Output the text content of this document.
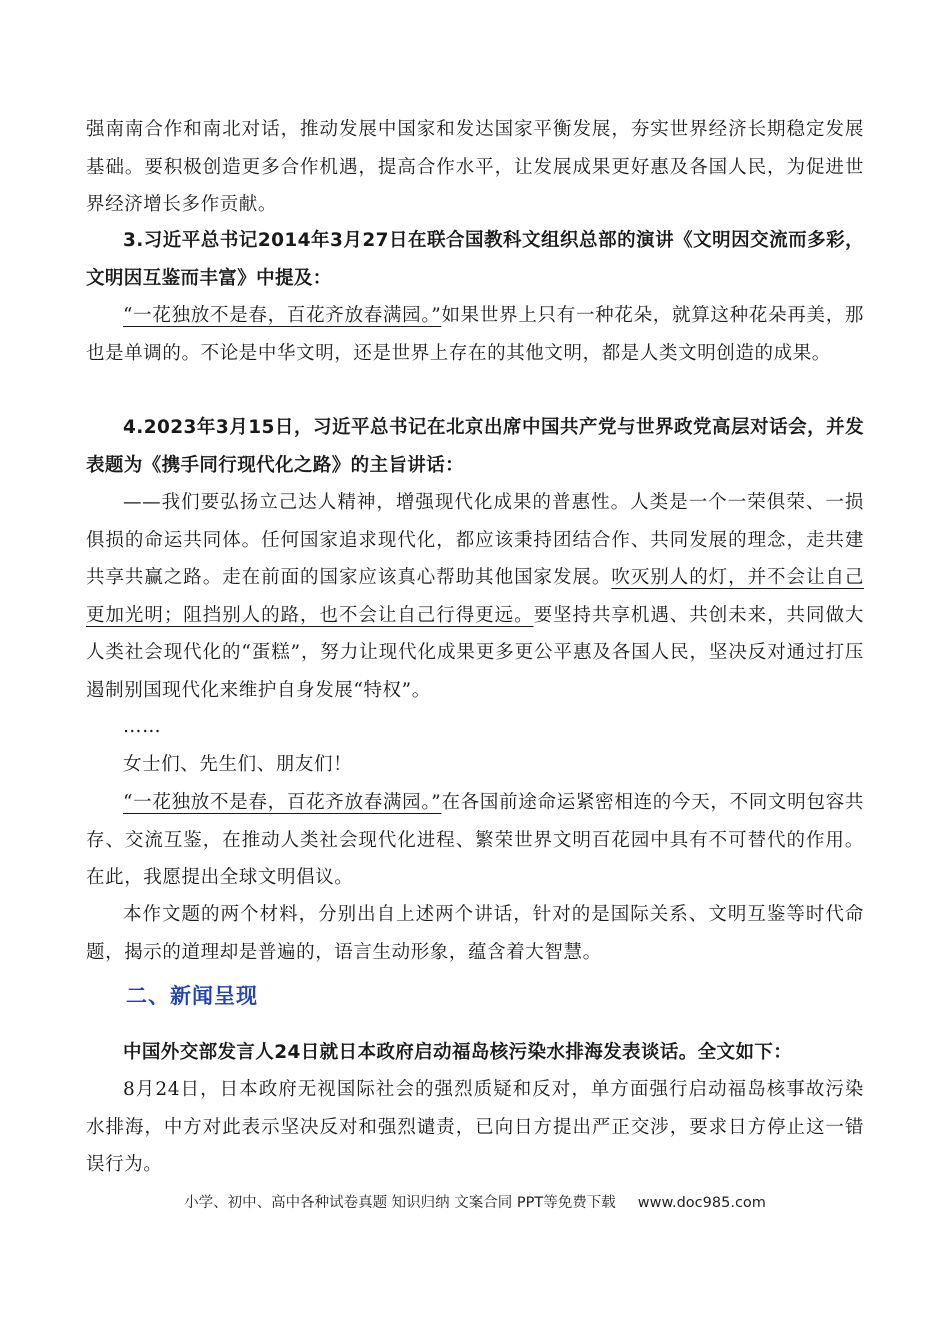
强南南合作和南北对话，推动发展中国家和发达国家平衡发展，夯实世界经济长期稳定发展基础。要积极创造更多合作机遇，提高合作水平，让发展成果更好惠及各国人民，为促进世界经济增长多作贡献。

3.习近平总书记2014年3月27日在联合国教科文组织总部的演讲《文明因交流而多彩，文明因互鉴而丰富》中提及：

“一花独放不是春，百花齐放春满园。”如果世界上只有一种花朵，就算这种花朵再美，那也是单调的。不论是中华文明，还是世界上存在的其他文明，都是人类文明创造的成果。

4.2023年3月15日，习近平总书记在北京出席中国共产党与世界政党高层对话会，并发表题为《携手同行现代化之路》的主旨讲话：

——我们要弘扬立己达人精神，增强现代化成果的普惠性。人类是一个一荣俱荣、一损俱损的命运共同体。任何国家追求现代化，都应该秉持团结合作、共同发展的理念，走共建共享共赢之路。走在前面的国家应该真心帮助其他国家发展。吹灭别人的灯，并不会让自己更加光明；阻挡别人的路，也不会让自己行得更远。要坚持共享机遇、共创未来，共同做大人类社会现代化的“蛋糕”，努力让现代化成果更多更公平惠及各国人民，坚决反对通过打压遏制别国现代化来维护自身发展“特权”。

……

女士们、先生们、朋友们！

“一花独放不是春，百花齐放春满园。”在各国前途命运紧密相连的今天，不同文明包容共存、交流互鉴，在推动人类社会现代化进程、繁荣世界文明百花园中具有不可替代的作用。在此，我愿提出全球文明倡议。

本作文题的两个材料，分别出自上述两个讲话，针对的是国际关系、文明互鉴等时代命题，揭示的道理却是普遍的，语言生动形象，蕴含着大智慧。

二、新闻呈现

中国外交部发言人24日就日本政府启动福岛核污染水排海发表谈话。全文如下：

8月24日，日本政府无视国际社会的强烈质疑和反对，单方面强行启动福岛核事故污染水排海，中方对此表示坚决反对和强烈谴责，已向日方提出严正交涉，要求日方停止这一错误行为。

小学、初中、高中各种试卷真题 知识归纳 文案合同 PPT等免费下载 www.doc985.com
